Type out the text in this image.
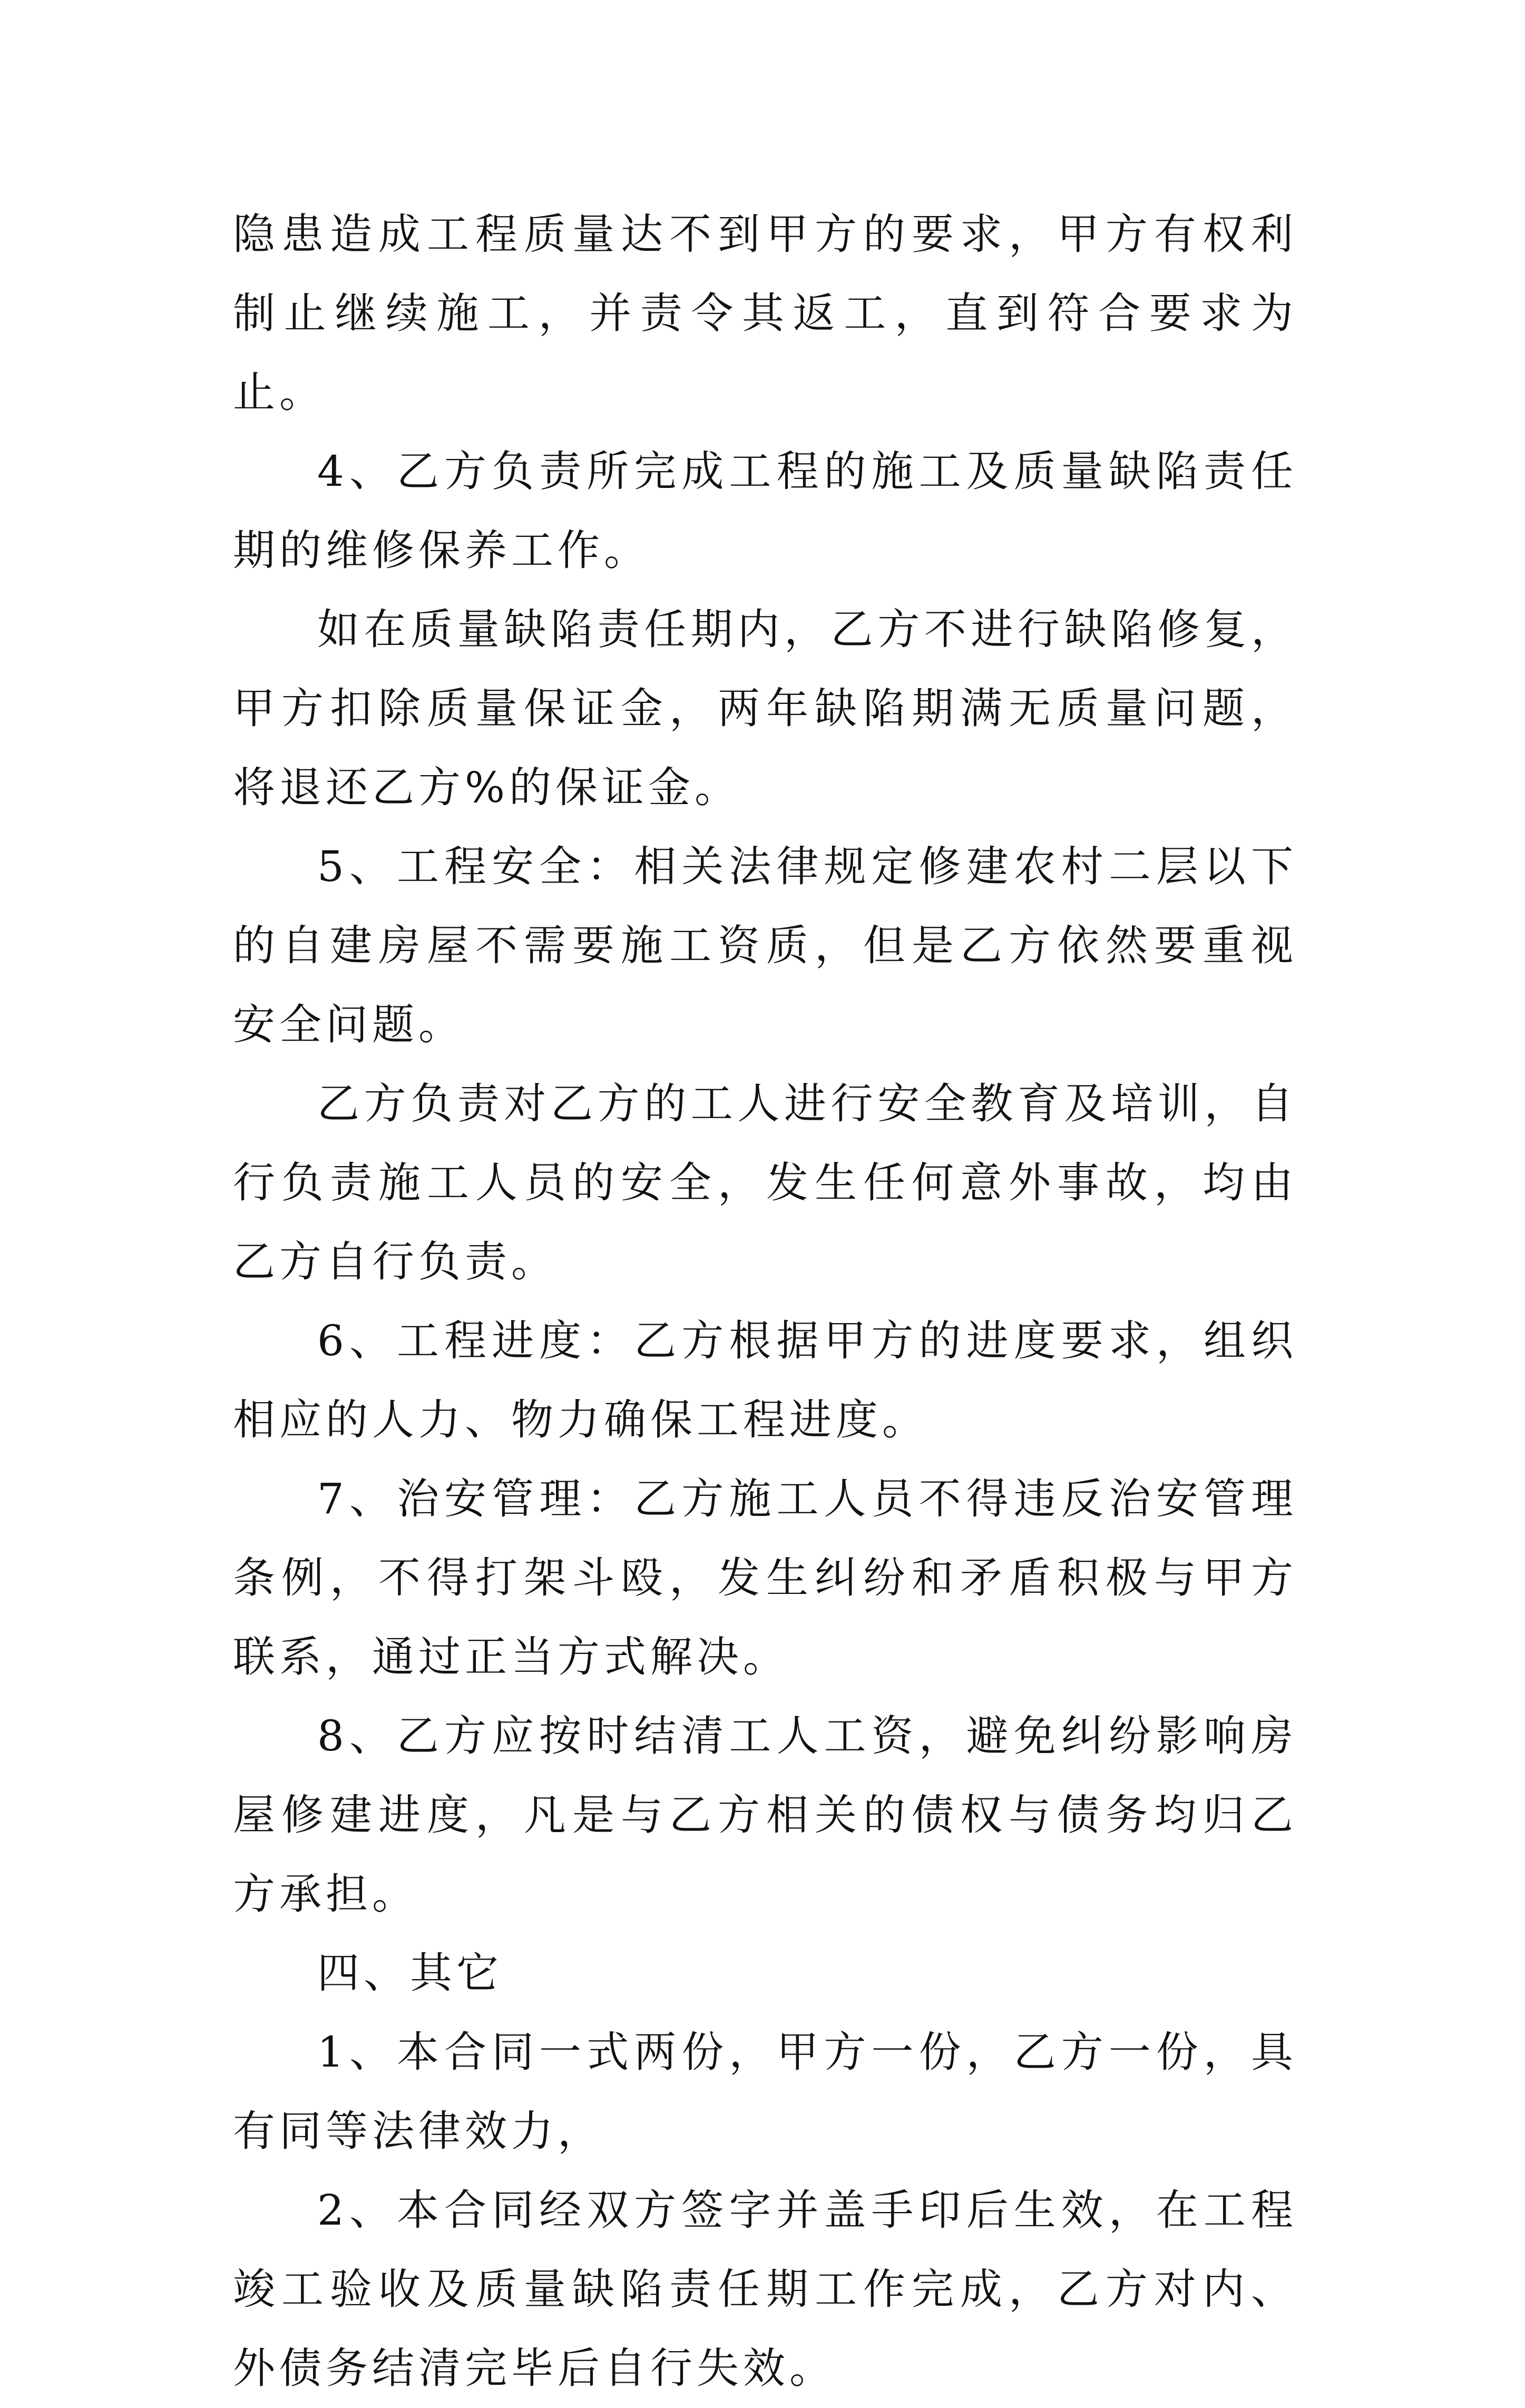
隐患造成工程质量达不到甲方的要求，甲方有权利制止继续施工，并责令其返工，直到符合要求为止。

4、乙方负责所完成工程的施工及质量缺陷责任期的维修保养工作。

如在质量缺陷责任期内，乙方不进行缺陷修复，甲方扣除质量保证金，两年缺陷期满无质量问题，将退还乙方%的保证金。

5、工程安全：相关法律规定修建农村二层以下的自建房屋不需要施工资质，但是乙方依然要重视安全问题。

乙方负责对乙方的工人进行安全教育及培训，自行负责施工人员的安全，发生任何意外事故，均由乙方自行负责。

6、工程进度：乙方根据甲方的进度要求，组织相应的人力、物力确保工程进度。

7、治安管理：乙方施工人员不得违反治安管理条例，不得打架斗殴，发生纠纷和矛盾积极与甲方联系，通过正当方式解决。

8、乙方应按时结清工人工资，避免纠纷影响房屋修建进度，凡是与乙方相关的债权与债务均归乙方承担。

四、其它

1、本合同一式两份，甲方一份，乙方一份，具有同等法律效力，

2、本合同经双方签字并盖手印后生效，在工程竣工验收及质量缺陷责任期工作完成，乙方对内、外债务结清完毕后自行失效。
